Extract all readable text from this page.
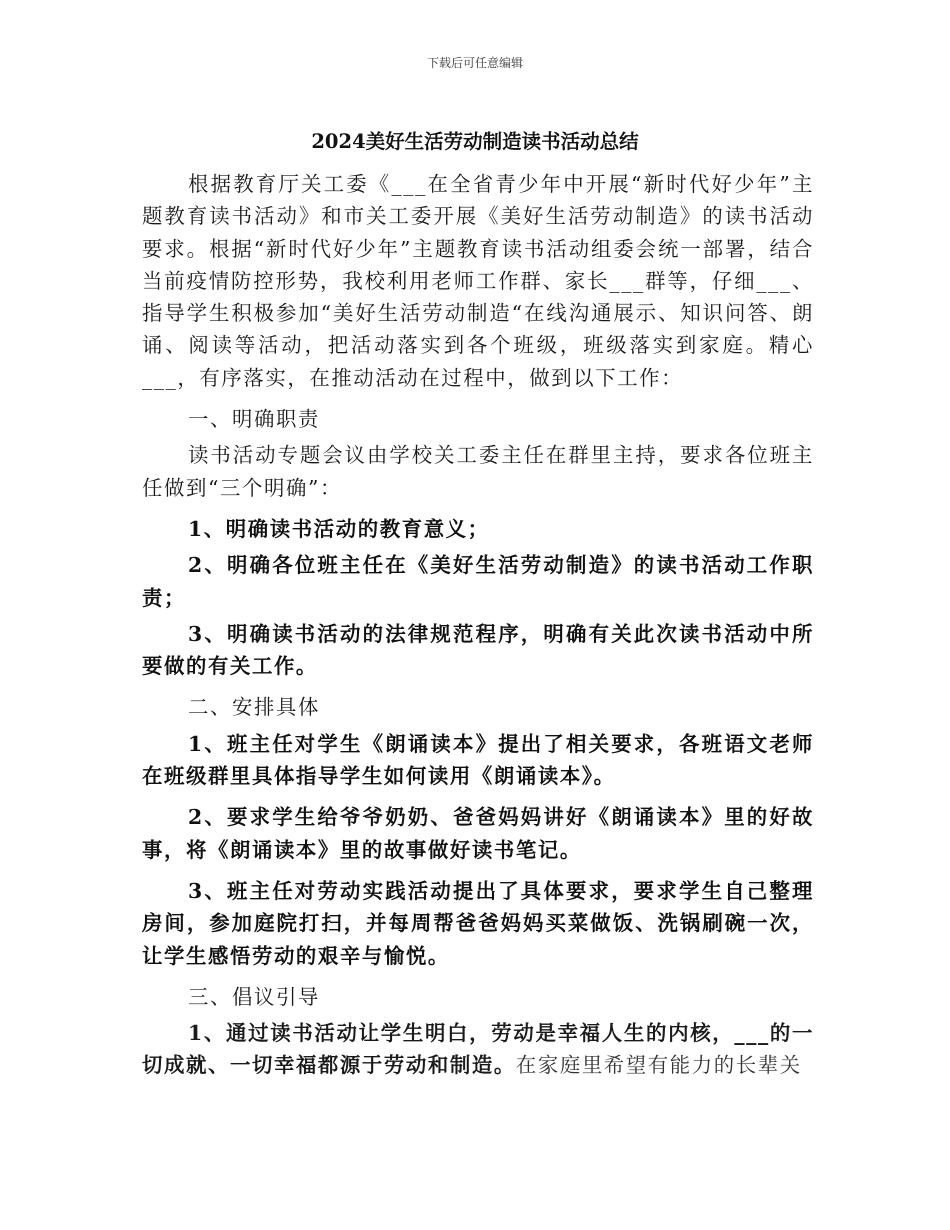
下载后可任意编辑
2024美好生活劳动制造读书活动总结

根据教育厅关工委《___在全省青少年中开展“新时代好少年”主题教育读书活动》和市关工委开展《美好生活劳动制造》的读书活动要求。根据“新时代好少年”主题教育读书活动组委会统一部署，结合当前疫情防控形势，我校利用老师工作群、家长___群等，仔细___、指导学生积极参加“美好生活劳动制造“在线沟通展示、知识问答、朗诵、阅读等活动，把活动落实到各个班级，班级落实到家庭。精心___，有序落实，在推动活动在过程中，做到以下工作：

一、明确职责

读书活动专题会议由学校关工委主任在群里主持，要求各位班主任做到“三个明确”：

1、明确读书活动的教育意义；

2、明确各位班主任在《美好生活劳动制造》的读书活动工作职责；

3、明确读书活动的法律规范程序，明确有关此次读书活动中所要做的有关工作。

二、安排具体

1、班主任对学生《朗诵读本》提出了相关要求，各班语文老师在班级群里具体指导学生如何读用《朗诵读本》。

2、要求学生给爷爷奶奶、爸爸妈妈讲好《朗诵读本》里的好故事，将《朗诵读本》里的故事做好读书笔记。

3、班主任对劳动实践活动提出了具体要求，要求学生自己整理房间，参加庭院打扫，并每周帮爸爸妈妈买菜做饭、洗锅刷碗一次，让学生感悟劳动的艰辛与愉悦。

三、倡议引导

1、通过读书活动让学生明白，劳动是幸福人生的内核，___的一切成就、一切幸福都源于劳动和制造。在家庭里希望有能力的长辈关
